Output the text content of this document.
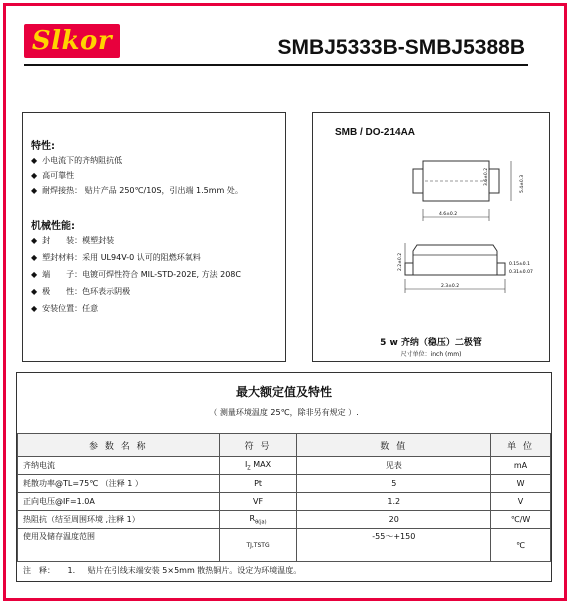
Slkor	SMBJ5333B-SMBJ5388B
特性:
◆ 小电流下的齐纳阻抗低
◆ 高可靠性
◆ 耐焊接热： 贴片产品 250℃/10S，引出端 1.5mm 处。
机械性能:
◆ 封　　装：模塑封装
◆ 塑封材料：采用 UL94V-0 认可的阻燃环氧料
◆ 端　　子：电镀可焊性符合 MIL-STD-202E, 方法 208C
◆ 极　　性：色环表示阴极
◆ 安装位置：任意
SMB / DO-214AA
4.6±0.2
3.6±0.2	5.4±0.3
2.2±0.2
2.3±0.2
0.31±0.07
0.15±0.1
5 w 齐纳（稳压）二极管
尺寸单位：inch (mm)
最大额定值及特性
（ 测量环境温度 25℃，除非另有规定 ）.
参 数 名 称	符 号	数 值	单 位
齐纳电流	$I_Z$ MAX	见表	mA
耗散功率@TL=75℃ （注释 1 ）	Pt	5	W
正向电压@IF=1.0A	VF	1.2	V
热阻抗（结至周围环境 ,注释 1）	$R_{\theta(ja)}$	20	℃/W
使用及储存温度范围	TJ,TSTG	-55～+150	℃
注　释： 1. 贴片在引线末端安装 5×5mm 散热铜片。设定为环境温度。
